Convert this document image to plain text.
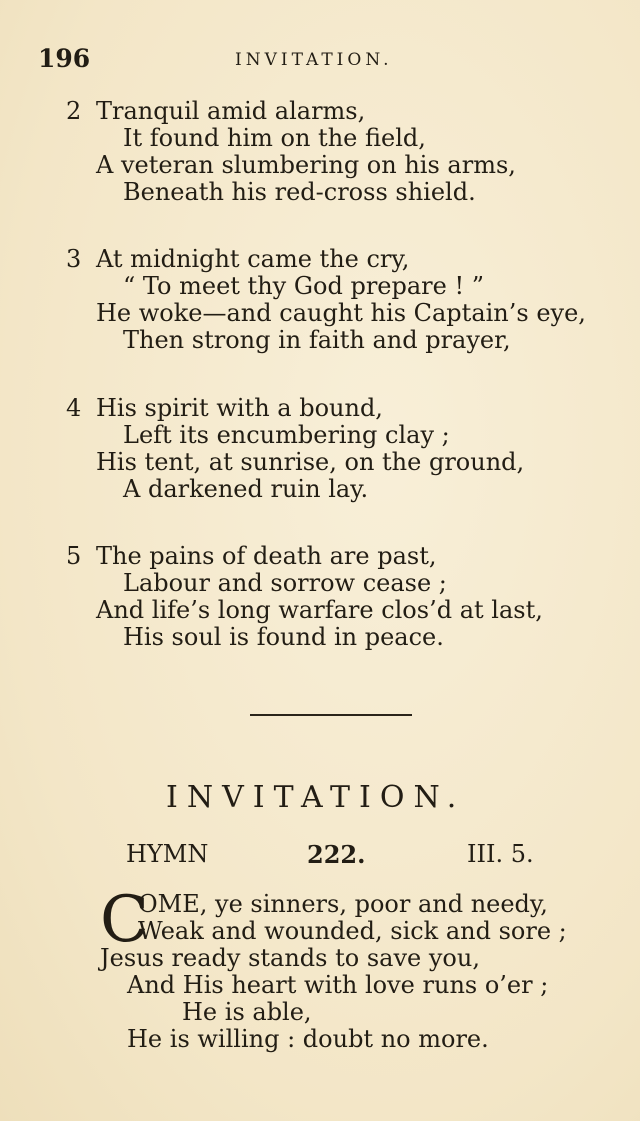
196	INVITATION.
2 Tranquil amid alarms,
It found him on the field,
A veteran slumbering on his arms,
Beneath his red-cross shield.
3 At midnight came the cry,
“ To meet thy God prepare ! ”
He woke—and caught his Captain’s eye,
Then strong in faith and prayer,
4 His spirit with a bound,
Left its encumbering clay ;
His tent, at sunrise, on the ground,
A darkened ruin lay.
5 The pains of death are past,
Labour and sorrow cease ;
And life’s long warfare clos’d at last,
His soul is found in peace.
INVITATION.
HYMN	222.	III. 5.
C
OME, ye sinners, poor and needy,
Weak and wounded, sick and sore ;
Jesus ready stands to save you,
And His heart with love runs o’er ;
He is able,
He is willing : doubt no more.
